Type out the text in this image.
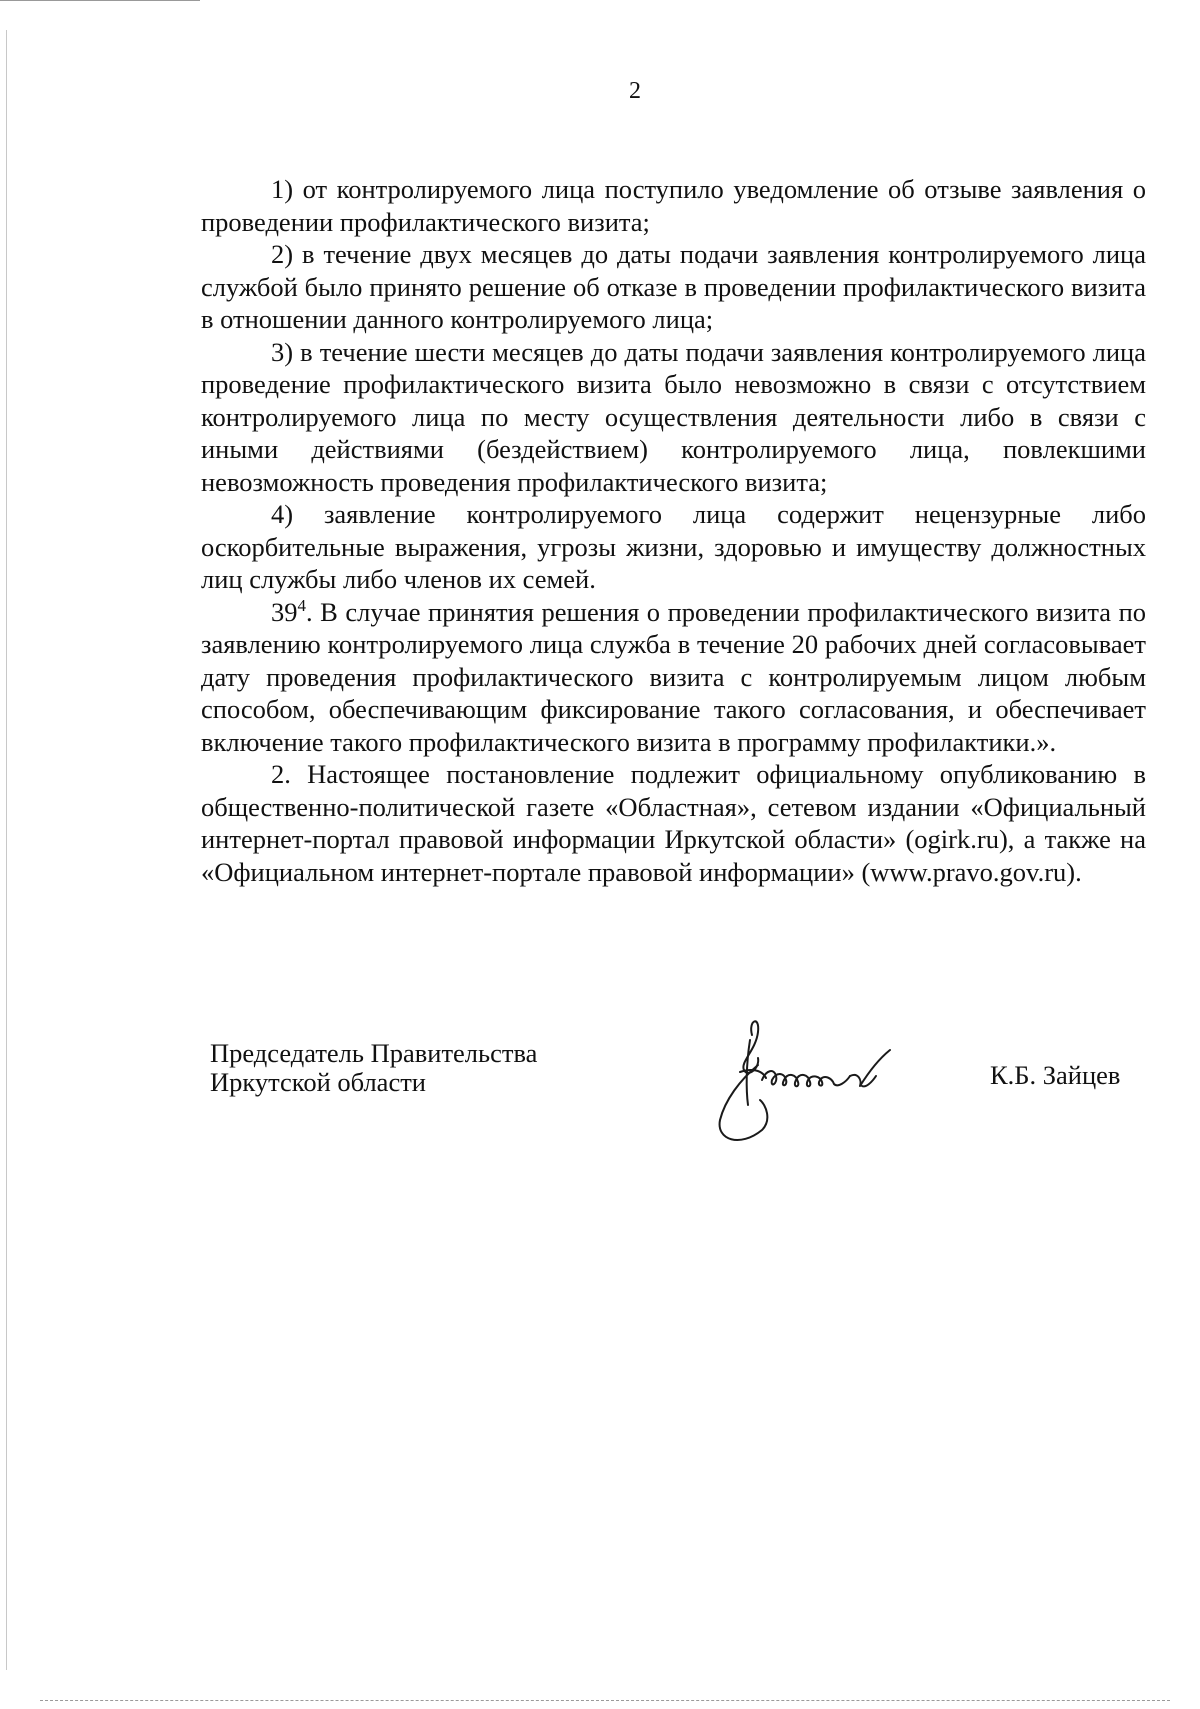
2

1) от контролируемого лица поступило уведомление об отзыве заявления о проведении профилактического визита;

2) в течение двух месяцев до даты подачи заявления контролируемого лица службой было принято решение об отказе в проведении профилактического визита в отношении данного контролируемого лица;

3) в течение шести месяцев до даты подачи заявления контролируемого лица проведение профилактического визита было невозможно в связи с отсутствием контролируемого лица по месту осуществления деятельности либо в связи с иными действиями (бездействием) контролируемого лица, повлекшими невозможность проведения профилактического визита;

4) заявление контролируемого лица содержит нецензурные либо оскорбительные выражения, угрозы жизни, здоровью и имуществу должностных лиц службы либо членов их семей.

$39^4$. В случае принятия решения о проведении профилактического визита по заявлению контролируемого лица служба в течение 20 рабочих дней согласовывает дату проведения профилактического визита с контролируемым лицом любым способом, обеспечивающим фиксирование такого согласования, и обеспечивает включение такого профилактического визита в программу профилактики.».

2. Настоящее постановление подлежит официальному опубликованию в общественно-политической газете «Областная», сетевом издании «Официальный интернет-портал правовой информации Иркутской области» (ogirk.ru), а также на «Официальном интернет-портале правовой информации» (www.pravo.gov.ru).

Председатель Правительства
Иркутской области	К.Б. Зайцев
